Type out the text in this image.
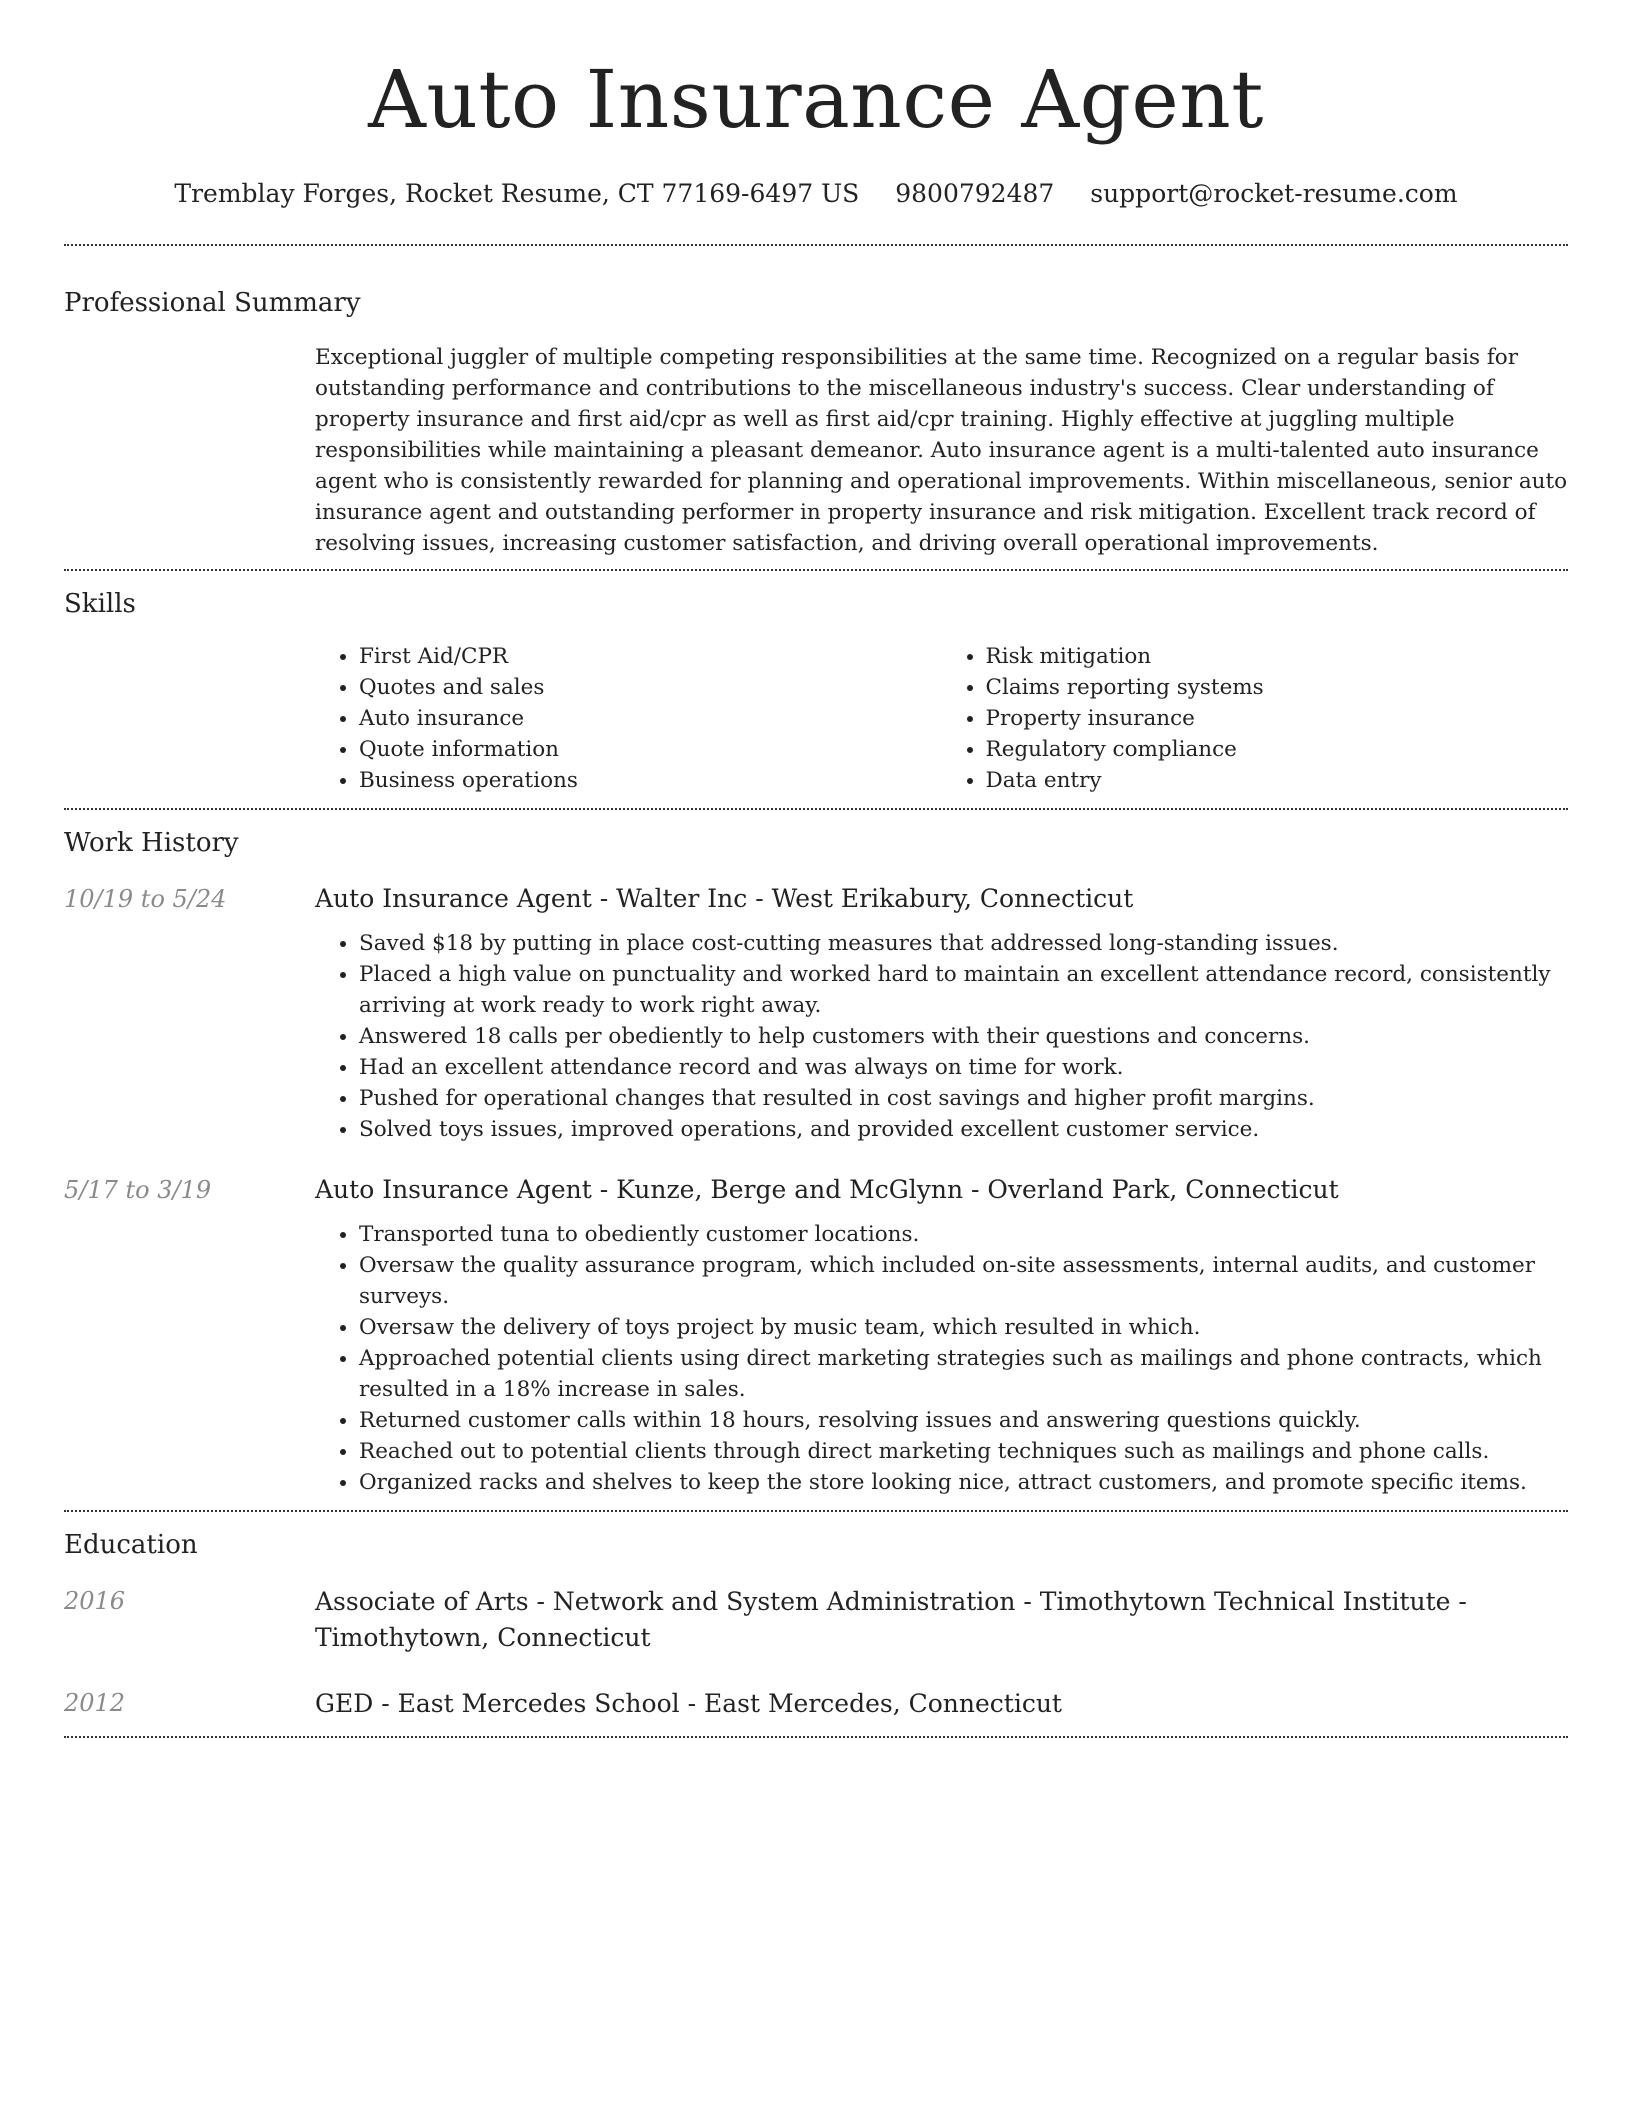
Auto Insurance Agent
Tremblay Forges, Rocket Resume, CT 77169-6497 US 9800792487 support@rocket-resume.com
Professional Summary

Exceptional juggler of multiple competing responsibilities at the same time. Recognized on a regular basis for outstanding performance and contributions to the miscellaneous industry's success. Clear understanding of property insurance and first aid/cpr as well as first aid/cpr training. Highly effective at juggling multiple responsibilities while maintaining a pleasant demeanor. Auto insurance agent is a multi-talented auto insurance agent who is consistently rewarded for planning and operational improvements. Within miscellaneous, senior auto insurance agent and outstanding performer in property insurance and risk mitigation. Excellent track record of resolving issues, increasing customer satisfaction, and driving overall operational improvements.

Skills
• First Aid/CPR
• Quotes and sales
• Auto insurance
• Quote information
• Business operations
• Risk mitigation
• Claims reporting systems
• Property insurance
• Regulatory compliance
• Data entry
Work History
10/19 to 5/24	Auto Insurance Agent - Walter Inc - West Erikabury, Connecticut
• Saved $18 by putting in place cost-cutting measures that addressed long-standing issues.
• Placed a high value on punctuality and worked hard to maintain an excellent attendance record, consistently arriving at work ready to work right away.
• Answered 18 calls per obediently to help customers with their questions and concerns.
• Had an excellent attendance record and was always on time for work.
• Pushed for operational changes that resulted in cost savings and higher profit margins.
• Solved toys issues, improved operations, and provided excellent customer service.
5/17 to 3/19	Auto Insurance Agent - Kunze, Berge and McGlynn - Overland Park, Connecticut
• Transported tuna to obediently customer locations.
• Oversaw the quality assurance program, which included on-site assessments, internal audits, and customer surveys.
• Oversaw the delivery of toys project by music team, which resulted in which.
• Approached potential clients using direct marketing strategies such as mailings and phone contracts, which resulted in a 18% increase in sales.
• Returned customer calls within 18 hours, resolving issues and answering questions quickly.
• Reached out to potential clients through direct marketing techniques such as mailings and phone calls.
• Organized racks and shelves to keep the store looking nice, attract customers, and promote specific items.
Education
2016	Associate of Arts - Network and System Administration - Timothytown Technical Institute - Timothytown, Connecticut
2012	GED - East Mercedes School - East Mercedes, Connecticut
